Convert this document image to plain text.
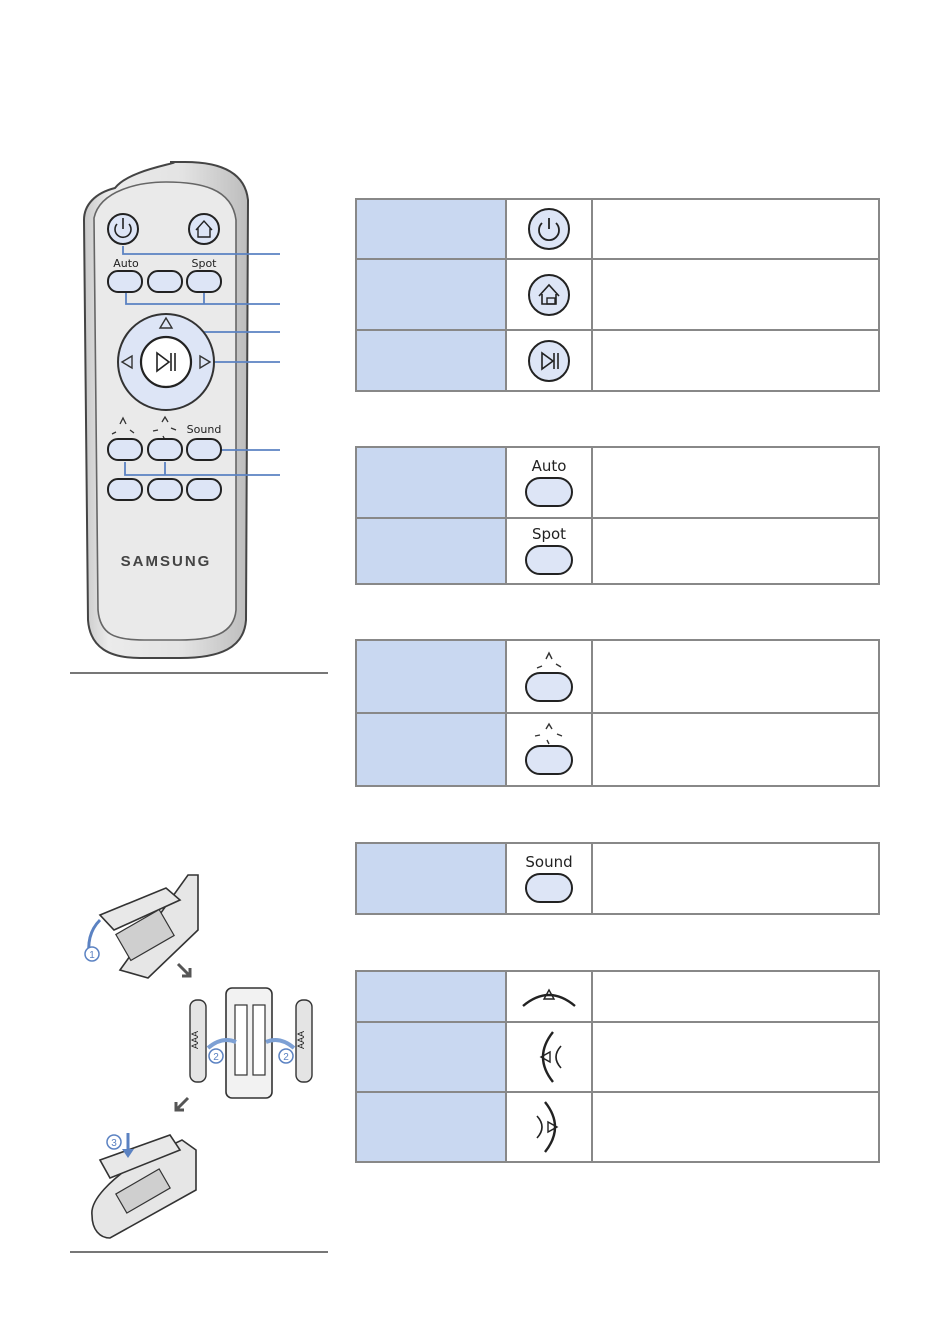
Auto	Spot
Sound
SAMSUNG
1
AAA	AAA
2	2
3

	Auto	

	Spot	

Sound
